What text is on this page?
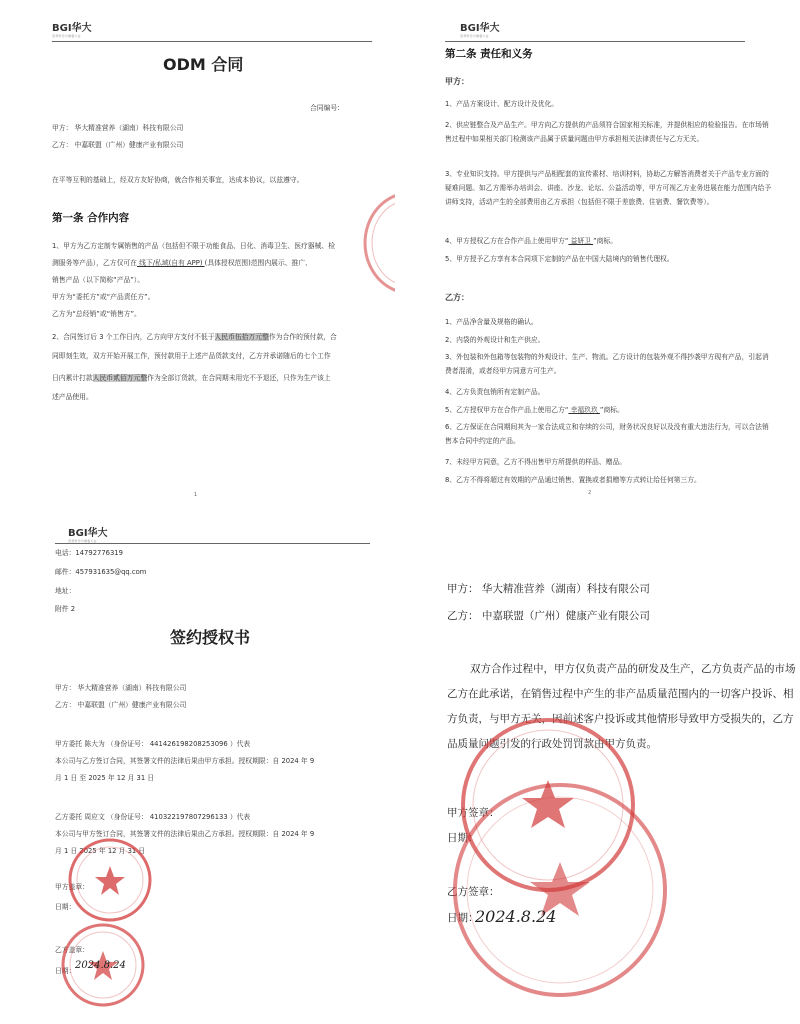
BGI华大
营养科学与健康大业
ODM 合同
合同编号:
甲方： 华大精准营养（湖南）科技有限公司
乙方： 中嘉联盟（广州）健康产业有限公司
在平等互利的基础上，经双方友好协商，就合作相关事宜，达成本协议，以兹遵守。
第一条 合作内容
1、甲方为乙方定制专属销售的产品（包括但不限于功能食品、日化、消毒卫生、医疗器械、检
测服务等产品），乙方仅可在 线下/私域(自有 APP) (具体授权范围)范围内展示、推广、
销售产品（以下简称“产品”）。
甲方为“委托方”或“产品责任方”。
乙方为“总经销”或“销售方”。
2、合同签订后 3 个工作日内，乙方向甲方支付不低于人民币伍拾万元整作为合作的预付款，合
同即刻生效，双方开始开展工作，预付款用于上述产品货款支付，乙方并承诺随后的七个工作
日内累计打款人民币贰佰万元整作为全部订货款，在合同期未用完不予退还，只作为生产该上
述产品使用。
1
BGI华大
营养科学与健康大业
第二条 责任和义务
甲方：
1、产品方案设计、配方设计及优化。
2、供应链整合及产品生产。甲方向乙方提供的产品须符合国家相关标准，并提供相应的检验报告。在市场销售过程中如果相关部门检测该产品属于质量问题由甲方承担相关法律责任与乙方无关。
3、专业知识支持。甲方提供与产品相配套的宣传素材、培训材料，协助乙方解答消费者关于产品专业方面的疑难问题。如乙方需举办培训会、讲座、沙龙、论坛、公益活动等，甲方可视乙方业务进展在能力范围内给予讲师支持，活动产生的全部费用由乙方承担（包括但不限于差旅费、住宿费、餐饮费等）。
4、甲方授权乙方在合作产品上使用甲方“ 益妍卫 ”商标。
5、甲方授予乙方享有本合同项下定制的产品在中国大陆境内的销售代理权。
乙方：
1、产品净含量及规格的确认。
2、内袋的外观设计和生产供应。
3、外包装和外包箱等包装物的外观设计、生产、物流。乙方设计的包装外观不得抄袭甲方现有产品，引起消费者混淆，或者经甲方同意方可生产。
4、乙方负责包销所有定制产品。
5、乙方授权甲方在合作产品上使用乙方“ 幸福玖玖 ”商标。
6、乙方保证在合同期间其为一家合法成立和存续的公司，财务状况良好以及没有重大违法行为，可以合法销售本合同中约定的产品。
7、未经甲方同意，乙方不得出售甲方所提供的样品、赠品。
8、乙方不得将超过有效期的产品通过销售、置换或者捐赠等方式转让给任何第三方。
2
BGI华大
营养科学与健康大业
电话：14792776319
邮件：457931635@qq.com
地址：
附件 2
签约授权书
甲方： 华大精准营养（湖南）科技有限公司
乙方： 中嘉联盟（广州）健康产业有限公司
甲方委托 陈大为 （身份证号： 441426198208253096 ）代表
本公司与乙方签订合同，其签署文件的法律后果由甲方承担。授权期限：自 2024 年 9
月 1 日 至 2025 年 12 月 31 日
乙方委托 周应文 （身份证号： 410322197807296133 ）代表
本公司与甲方签订合同，其签署文件的法律后果由乙方承担。授权期限：自 2024 年 9
月 1 日 2025 年 12 月 31 日
甲方盖章：
日期：
乙方盖章：
日期： 2024.8.24
甲方： 华大精准营养（湖南）科技有限公司
乙方： 中嘉联盟（广州）健康产业有限公司
双方合作过程中，甲方仅负责产品的研发及生产，乙方负责产品的市场
乙方在此承诺，在销售过程中产生的非产品质量范围内的一切客户投诉、相
方负责，与甲方无关，因前述客户投诉或其他情形导致甲方受损失的，乙方
品质量问题引发的行政处罚罚款由甲方负责。
甲方签章：
日期：
乙方签章：
日期：
2024.8.24
